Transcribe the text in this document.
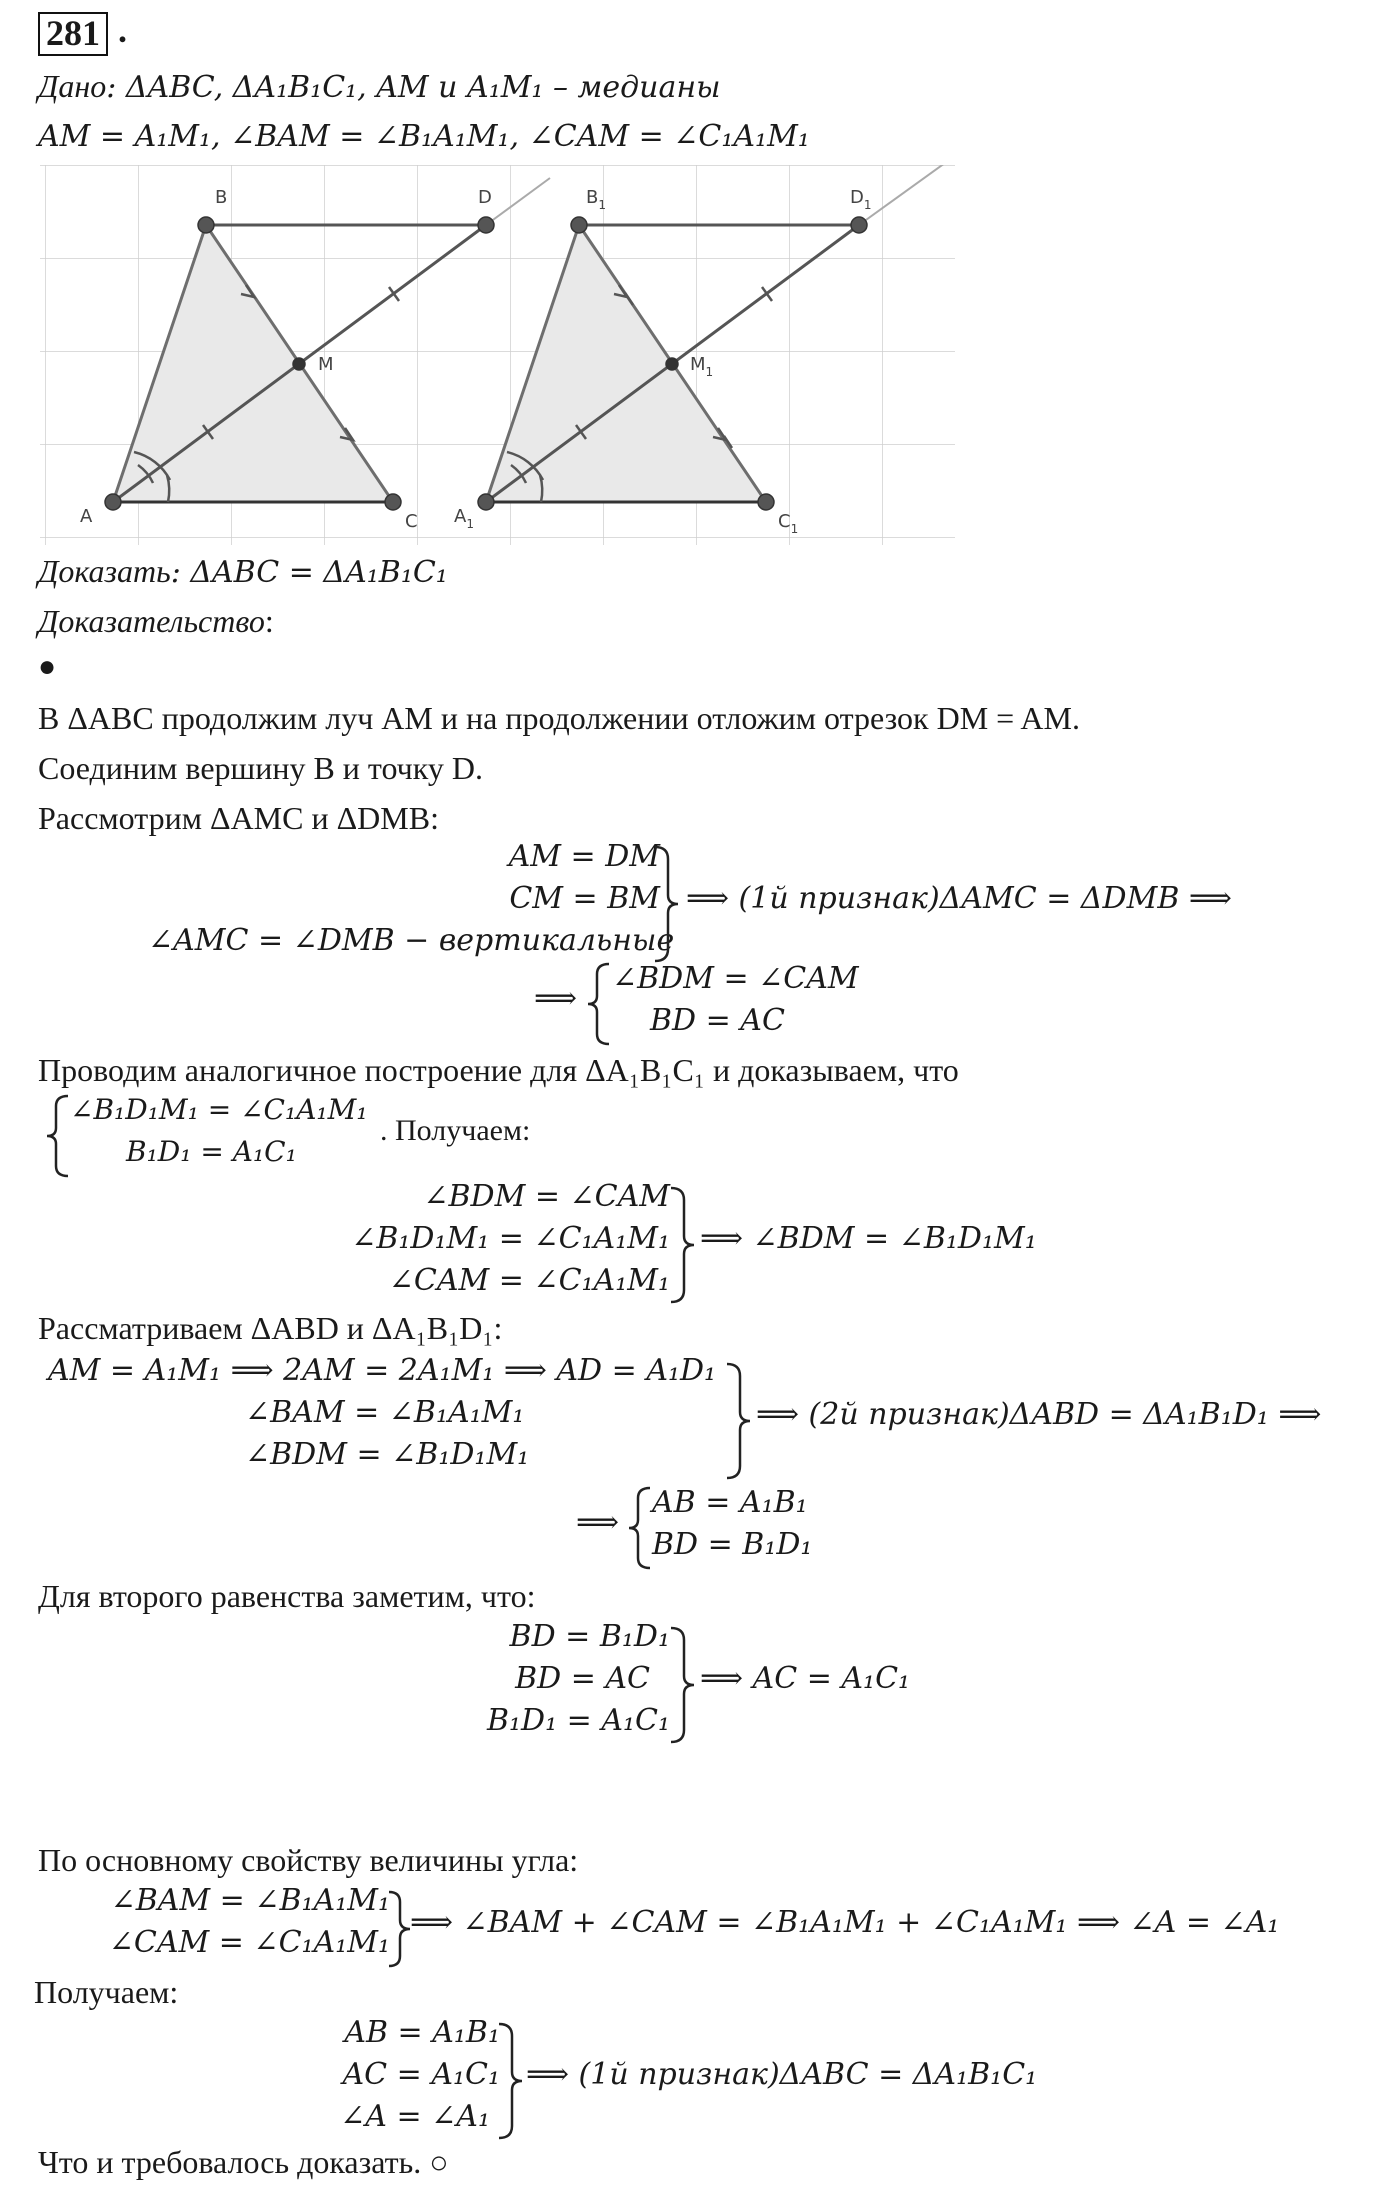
281 .
Дано: ΔABC, ΔA₁B₁C₁, AM и A₁M₁ – медианы
AM = A₁M₁, ∠BAM = ∠B₁A₁M₁, ∠CAM = ∠C₁A₁M₁
B	D
M
A	C
$B_1$	$D_1$
$M_1$
$A_1$	$C_1$
Доказать: ΔABC = ΔA₁B₁C₁
Доказательство:
●
В ΔABC продолжим луч AM и на продолжении отложим отрезок DM = AM.
Соединим вершину B и точку D.
Рассмотрим ΔAMC и ΔDMB:
AM = DM
CM = BM
∠AMC = ∠DMB − вертикальные
⟹ (1й признак)ΔAMC = ΔDMB ⟹
⟹
∠BDM = ∠CAM
BD = AC
Проводим аналогичное построение для ΔA₁B₁C₁ и доказываем, что
∠B₁D₁M₁ = ∠C₁A₁M₁
B₁D₁ = A₁C₁
. Получаем:
∠BDM = ∠CAM
∠B₁D₁M₁ = ∠C₁A₁M₁
∠CAM = ∠C₁A₁M₁
⟹ ∠BDM = ∠B₁D₁M₁
Рассматриваем ΔABD и ΔA₁B₁D₁:
AM = A₁M₁ ⟹ 2AM = 2A₁M₁ ⟹ AD = A₁D₁
∠BAM = ∠B₁A₁M₁
∠BDM = ∠B₁D₁M₁
⟹ (2й признак)ΔABD = ΔA₁B₁D₁ ⟹
⟹
AB = A₁B₁
BD = B₁D₁
Для второго равенства заметим, что:
BD = B₁D₁
BD = AC
B₁D₁ = A₁C₁
⟹ AC = A₁C₁
По основному свойству величины угла:
∠BAM = ∠B₁A₁M₁
∠CAM = ∠C₁A₁M₁
⟹ ∠BAM + ∠CAM = ∠B₁A₁M₁ + ∠C₁A₁M₁ ⟹ ∠A = ∠A₁
Получаем:
AB = A₁B₁
AC = A₁C₁
∠A = ∠A₁
⟹ (1й признак)ΔABC = ΔA₁B₁C₁
Что и требовалось доказать. ○
